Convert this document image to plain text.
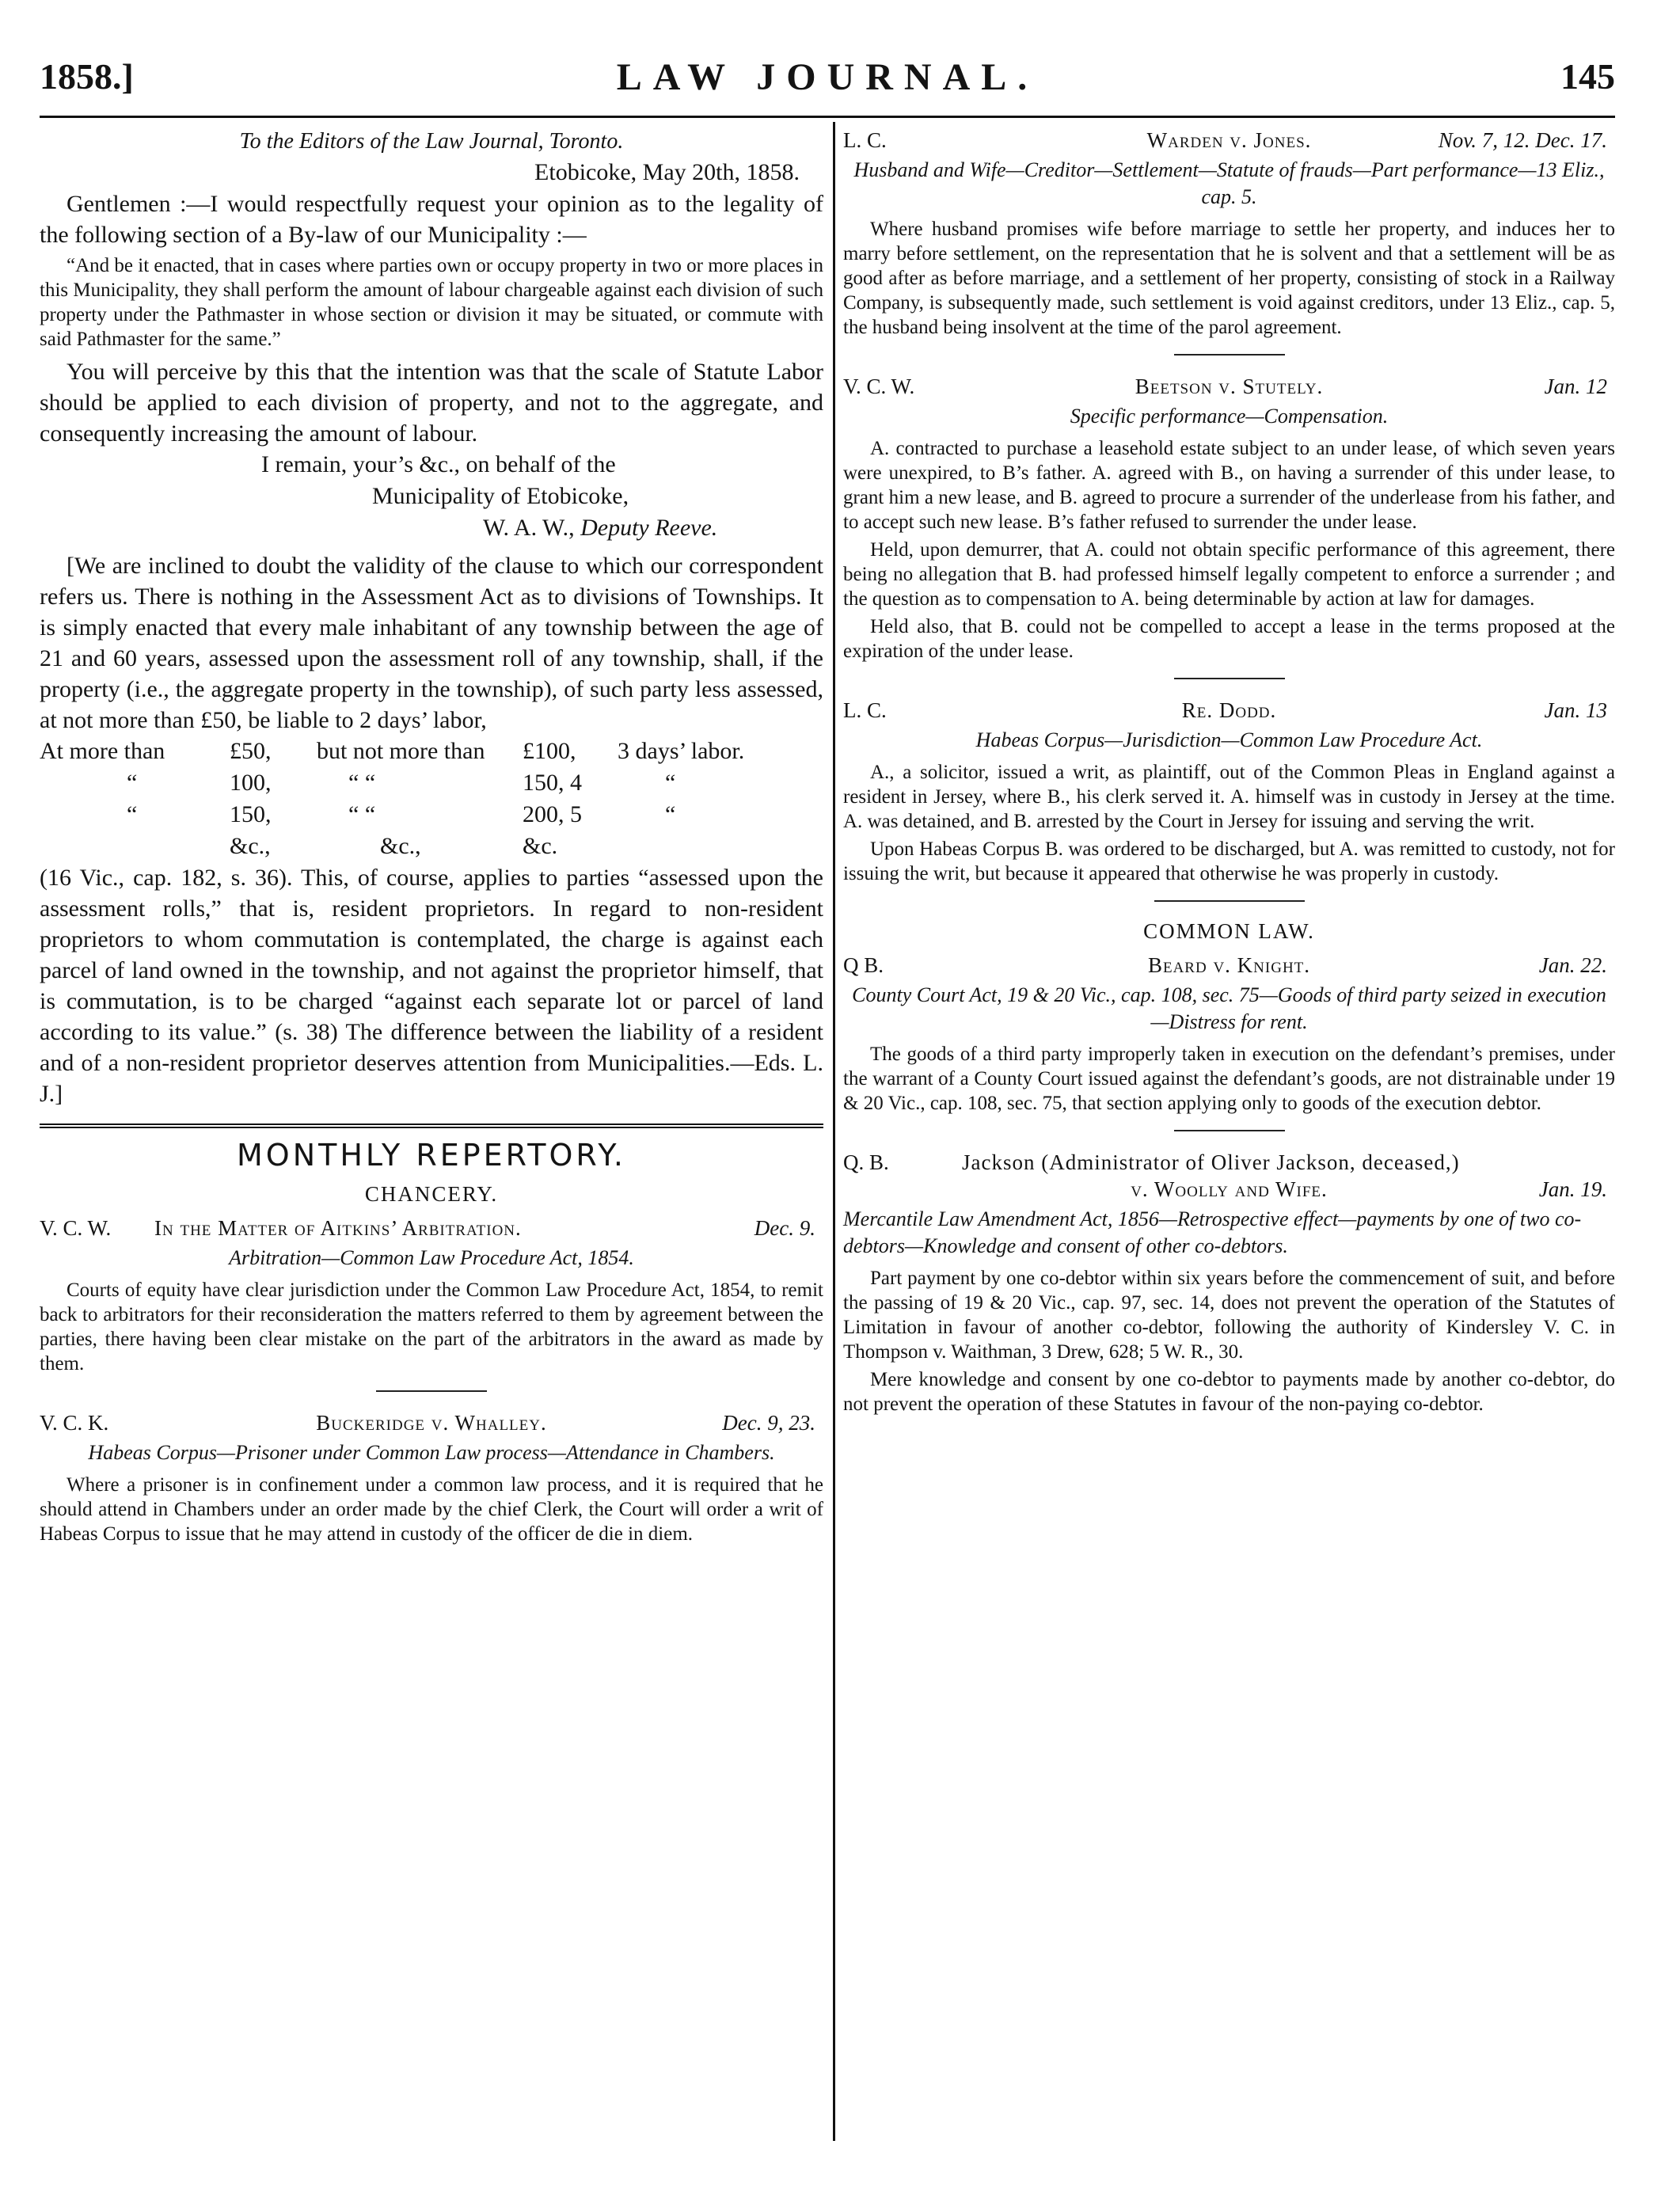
1858.]	LAW JOURNAL.	145

To the Editors of the Law Journal, Toronto.

Etobicoke, May 20th, 1858.

Gentlemen :—I would respectfully request your opinion as to the legality of the following section of a By-law of our Municipality :—

“And be it enacted, that in cases where parties own or occupy property in two or more places in this Municipality, they shall perform the amount of labour chargeable against each division of such property under the Pathmaster in whose section or division it may be situated, or commute with said Pathmaster for the same.”

You will perceive by this that the intention was that the scale of Statute Labor should be applied to each division of property, and not to the aggregate, and consequently increasing the amount of labour.

I remain, your’s &c., on behalf of the

Municipality of Etobicoke,

W. A. W., Deputy Reeve.

[We are inclined to doubt the validity of the clause to which our correspondent refers us. There is nothing in the Assessment Act as to divisions of Townships. It is simply enacted that every male inhabitant of any township between the age of 21 and 60 years, assessed upon the assessment roll of any township, shall, if the property (i.e., the aggregate property in the township), of such party less assessed, at not more than £50, be liable to 2 days’ labor,

At more than	£50,	but not more than	£100,	3 days’ labor.
“	100,	“ “	150, 4	“
“	150,	“ “	200, 5	“
	&c.,	&c.,	&c.	

(16 Vic., cap. 182, s. 36). This, of course, applies to parties “assessed upon the assessment rolls,” that is, resident proprietors. In regard to non-resident proprietors to whom commutation is contemplated, the charge is against each parcel of land owned in the township, and not against the proprietor himself, that is commutation, is to be charged “against each separate lot or parcel of land according to its value.” (s. 38) The difference between the liability of a resident and of a non-resident proprietor deserves attention from Municipalities.—Eds. L. J.]

MONTHLY REPERTORY.
CHANCERY.
V. C. W. In the Matter of Aitkins’ Arbitration.	Dec. 9.

Arbitration—Common Law Procedure Act, 1854.

Courts of equity have clear jurisdiction under the Common Law Procedure Act, 1854, to remit back to arbitrators for their reconsideration the matters referred to them by agreement between the parties, there having been clear mistake on the part of the arbitrators in the award as made by them.

V. C. K.	Buckeridge v. Whalley.	Dec. 9, 23.

Habeas Corpus—Prisoner under Common Law process—Attendance in Chambers.

Where a prisoner is in confinement under a common law process, and it is required that he should attend in Chambers under an order made by the chief Clerk, the Court will order a writ of Habeas Corpus to issue that he may attend in custody of the officer de die in diem.

L. C.	Warden v. Jones.	Nov. 7, 12. Dec. 17.

Husband and Wife—Creditor—Settlement—Statute of frauds—Part performance—13 Eliz., cap. 5.

Where husband promises wife before marriage to settle her property, and induces her to marry before settlement, on the representation that he is solvent and that a settlement will be as good after as before marriage, and a settlement of her property, consisting of stock in a Railway Company, is subsequently made, such settlement is void against creditors, under 13 Eliz., cap. 5, the husband being insolvent at the time of the parol agreement.

V. C. W.	Beetson v. Stutely.	Jan. 12

Specific performance—Compensation.

A. contracted to purchase a leasehold estate subject to an under lease, of which seven years were unexpired, to B’s father. A. agreed with B., on having a surrender of this under lease, to grant him a new lease, and B. agreed to procure a surrender of the underlease from his father, and to accept such new lease. B’s father refused to surrender the under lease.

Held, upon demurrer, that A. could not obtain specific performance of this agreement, there being no allegation that B. had professed himself legally competent to enforce a surrender ; and the question as to compensation to A. being determinable by action at law for damages.

Held also, that B. could not be compelled to accept a lease in the terms proposed at the expiration of the under lease.

L. C.	Re. Dodd.	Jan. 13

Habeas Corpus—Jurisdiction—Common Law Procedure Act.

A., a solicitor, issued a writ, as plaintiff, out of the Common Pleas in England against a resident in Jersey, where B., his clerk served it. A. himself was in custody in Jersey at the time. A. was detained, and B. arrested by the Court in Jersey for issuing and serving the writ.

Upon Habeas Corpus B. was ordered to be discharged, but A. was remitted to custody, not for issuing the writ, but because it appeared that otherwise he was properly in custody.

COMMON LAW.
Q B.	Beard v. Knight.	Jan. 22.

County Court Act, 19 & 20 Vic., cap. 108, sec. 75—Goods of third party seized in execution—Distress for rent.

The goods of a third party improperly taken in execution on the defendant’s premises, under the warrant of a County Court issued against the defendant’s goods, are not distrainable under 19 & 20 Vic., cap. 108, sec. 75, that section applying only to goods of the execution debtor.

Q. B.	Jackson (Administrator of Oliver Jackson, deceased,)
v. Woolly and Wife.	Jan. 19.

Mercantile Law Amendment Act, 1856—Retrospective effect—payments by one of two co-debtors—Knowledge and consent of other co-debtors.

Part payment by one co-debtor within six years before the commencement of suit, and before the passing of 19 & 20 Vic., cap. 97, sec. 14, does not prevent the operation of the Statutes of Limitation in favour of another co-debtor, following the authority of Kindersley V. C. in Thompson v. Waithman, 3 Drew, 628; 5 W. R., 30.

Mere knowledge and consent by one co-debtor to payments made by another co-debtor, do not prevent the operation of these Statutes in favour of the non-paying co-debtor.
